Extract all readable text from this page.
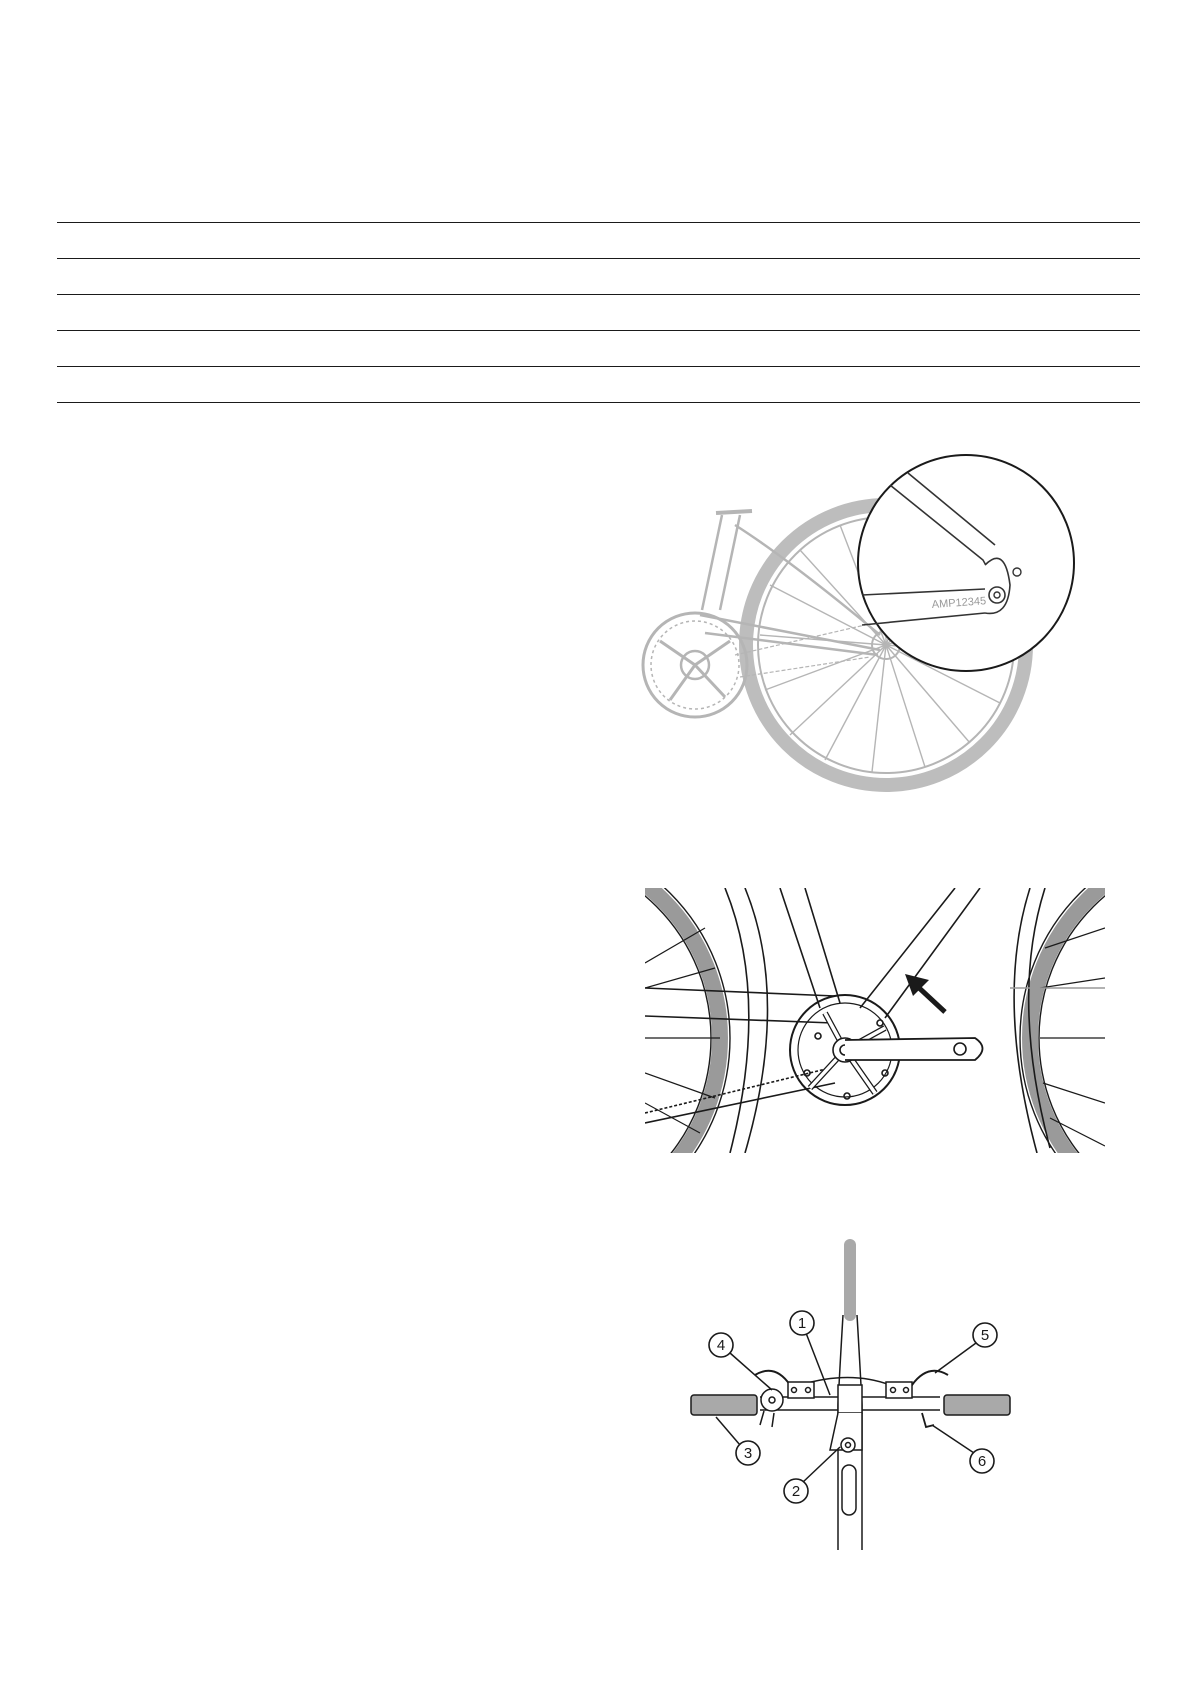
AMP12345
1
2
3
4
5
6
